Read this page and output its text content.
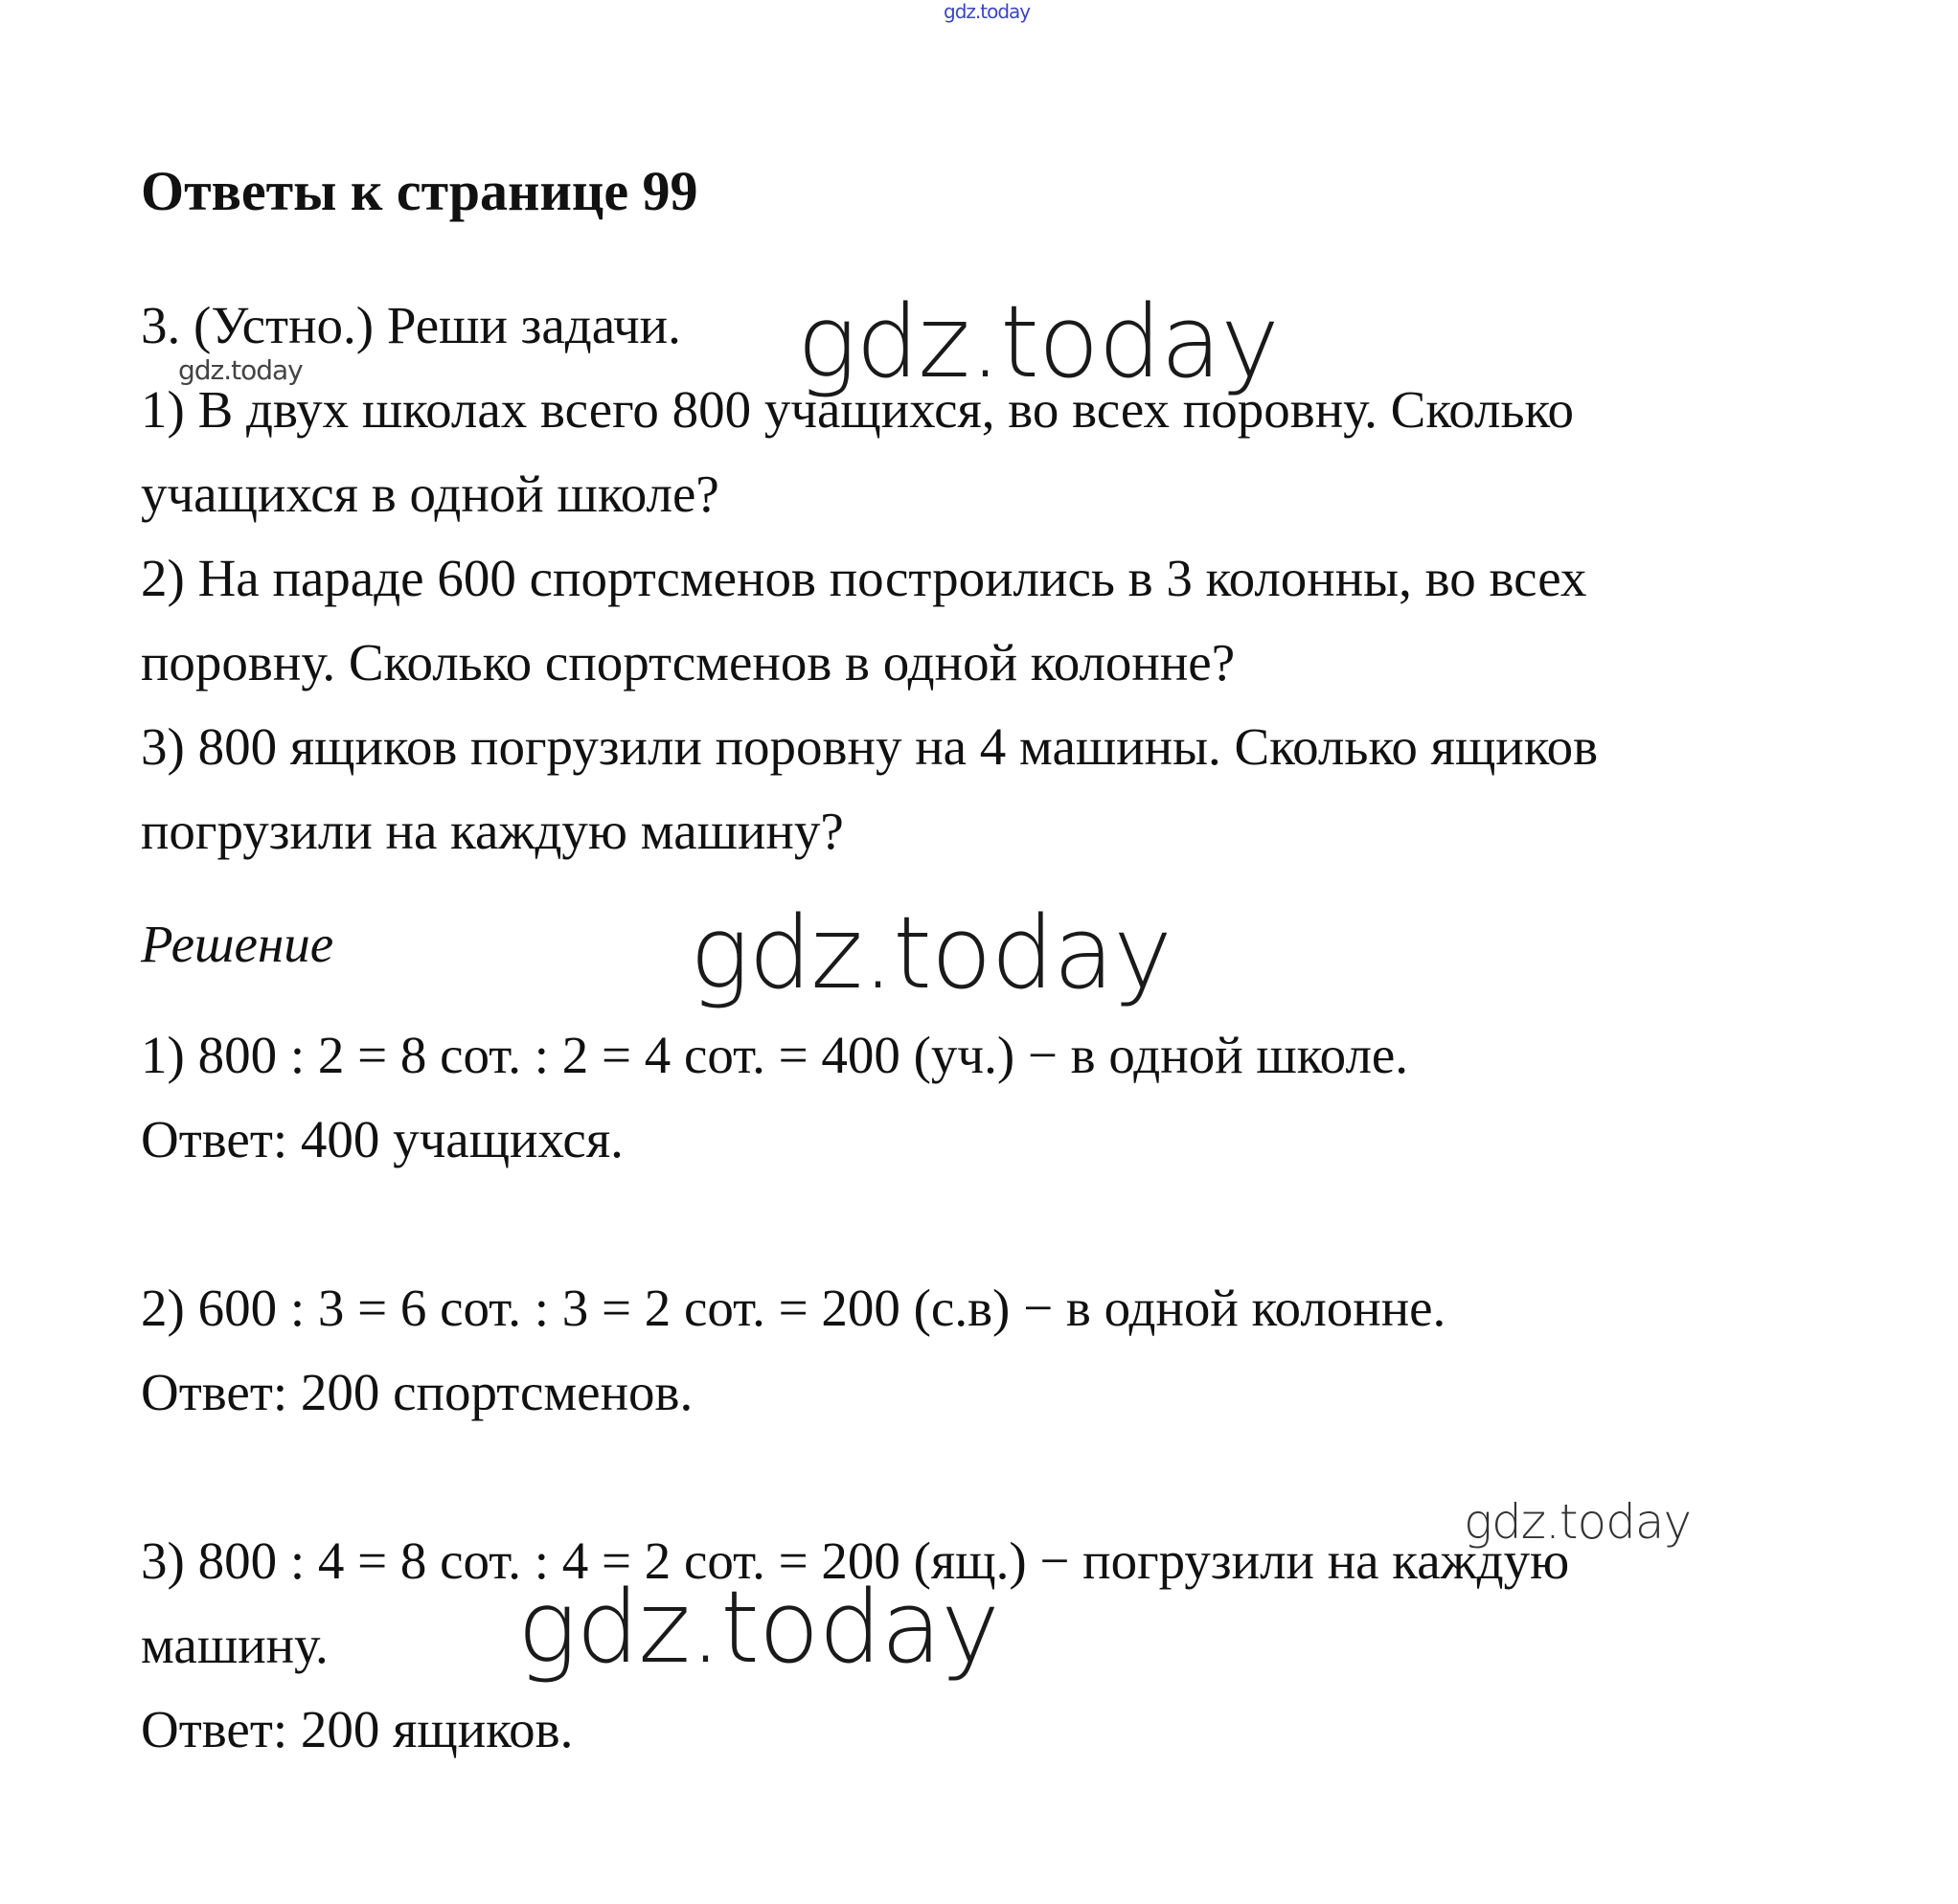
gdz.today
Ответы к странице 99
3. (Устно.) Реши задачи.
gdz.today	gdz.today
1) В двух школах всего 800 учащихся, во всех поровну. Сколько
учащихся в одной школе?
2) На параде 600 спортсменов построились в 3 колонны, во всех
поровну. Сколько спортсменов в одной колонне?
3) 800 ящиков погрузили поровну на 4 машины. Сколько ящиков
погрузили на каждую машину?
Решение	gdz.today
1) 800 : 2 = 8 сот. : 2 = 4 сот. = 400 (уч.) − в одной школе.
Ответ: 400 учащихся.
2) 600 : 3 = 6 сот. : 3 = 2 сот. = 200 (с.в) − в одной колонне.
Ответ: 200 спортсменов.
gdz.today
3) 800 : 4 = 8 сот. : 4 = 2 сот. = 200 (ящ.) − погрузили на каждую
машину. gdz.today
Ответ: 200 ящиков.
